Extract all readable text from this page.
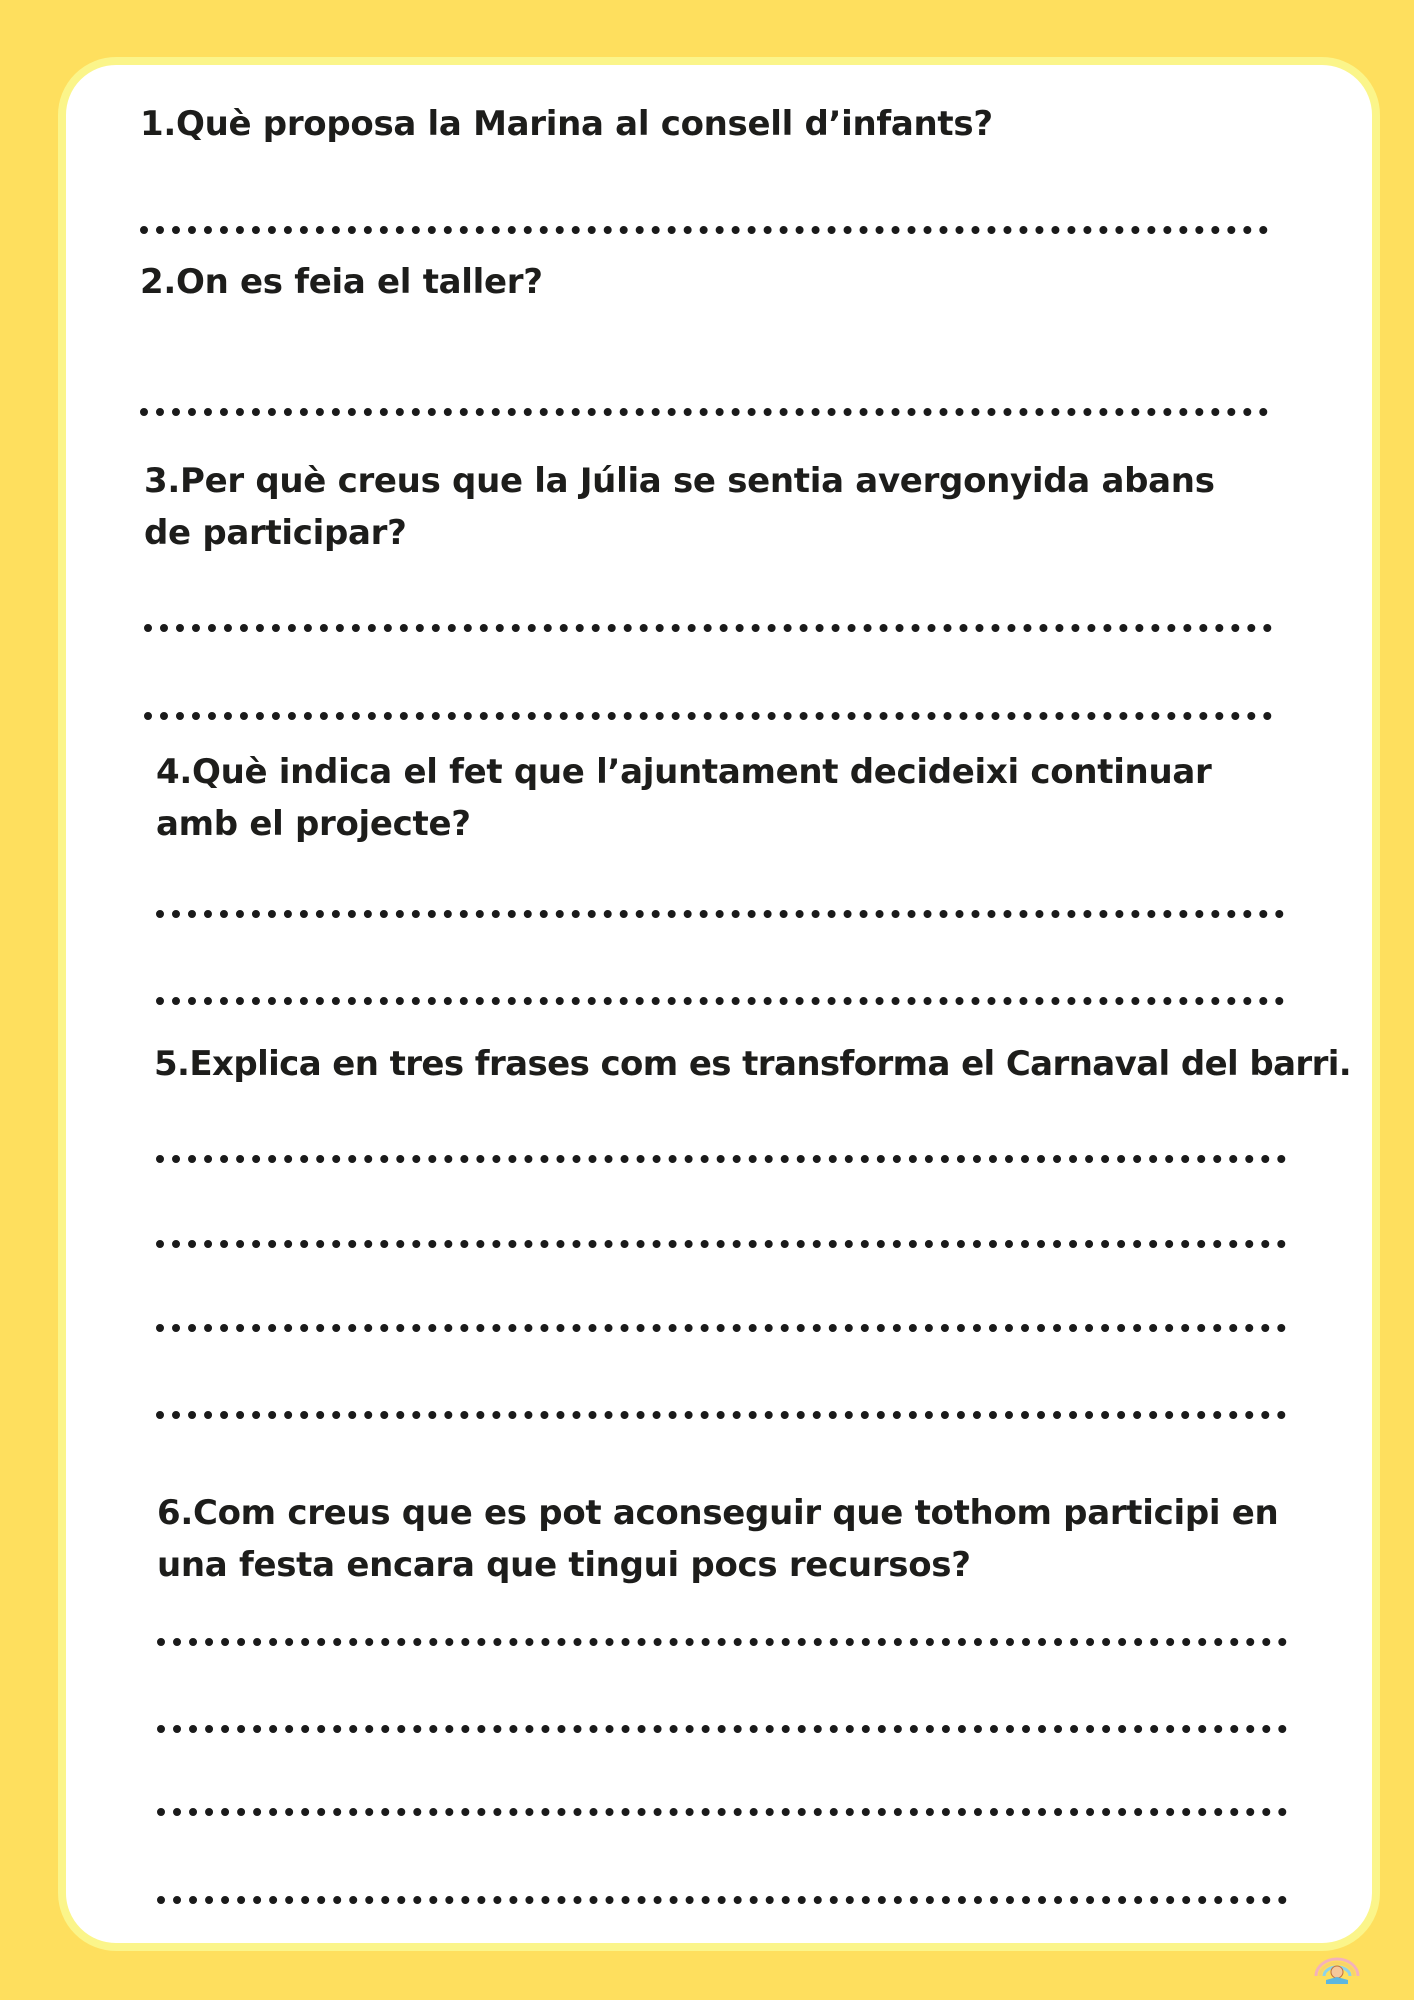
1.Què proposa la Marina al consell d’infants?

2.On es feia el taller?

3.Per què creus que la Júlia se sentia avergonyida abans de participar?

4.Què indica el fet que l’ajuntament decideixi continuar amb el projecte?

5.Explica en tres frases com es transforma el Carnaval del barri.

6.Com creus que es pot aconseguir que tothom participi en una festa encara que tingui pocs recursos?
